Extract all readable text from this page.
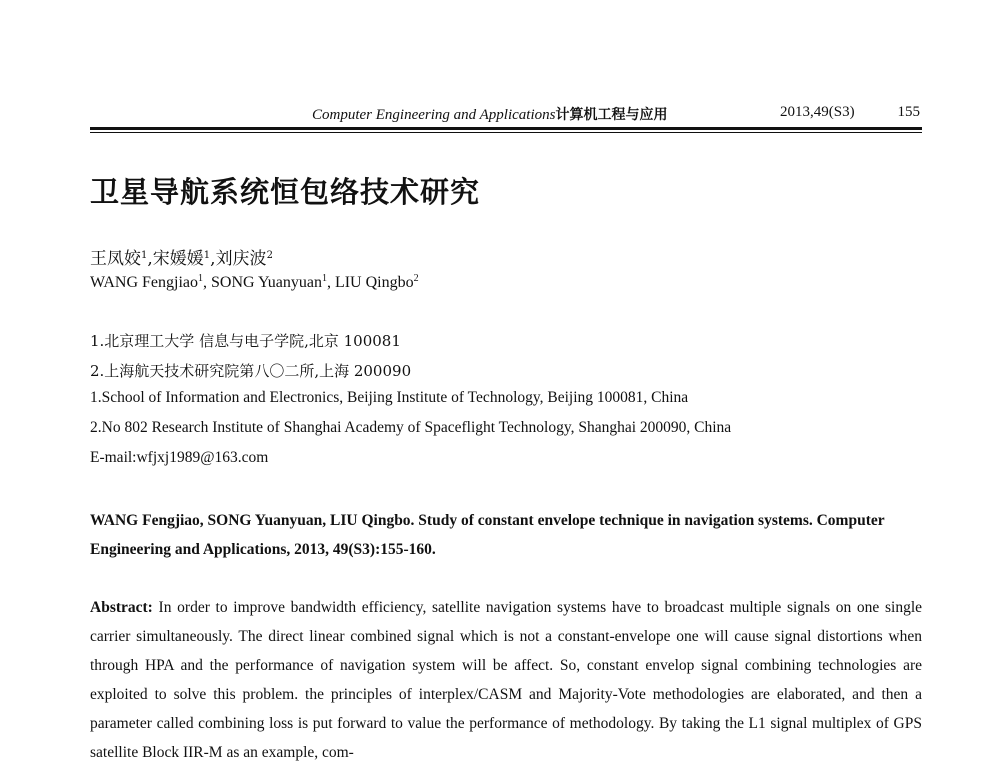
Computer Engineering and Applications计算机工程与应用	2013,49(S3)	155
卫星导航系统恒包络技术研究
王凤姣$^1$,宋媛媛$^1$,刘庆波$^2$
WANG Fengjiao$^1$, SONG Yuanyuan$^1$, LIU Qingbo$^2$
1.北京理工大学 信息与电子学院,北京 100081
2.上海航天技术研究院第八〇二所,上海 200090
1.School of Information and Electronics, Beijing Institute of Technology, Beijing 100081, China
2.No 802 Research Institute of Shanghai Academy of Spaceflight Technology, Shanghai 200090, China
E-mail:wfjxj1989@163.com
WANG Fengjiao, SONG Yuanyuan, LIU Qingbo. Study of constant envelope technique in navigation systems. Computer Engineering and Applications, 2013, 49(S3):155-160.
Abstract: In order to improve bandwidth efficiency, satellite navigation systems have to broadcast multiple signals on one single carrier simultaneously. The direct linear combined signal which is not a constant-envelope one will cause signal distortions when through HPA and the performance of navigation system will be affect. So, constant envelop signal combining technologies are exploited to solve this problem. the principles of interplex/CASM and Majority-Vote methodologies are elaborated, and then a parameter called combining loss is put forward to value the performance of methodology. By taking the L1 signal multiplex of GPS satellite Block IIR-M as an example, com-
